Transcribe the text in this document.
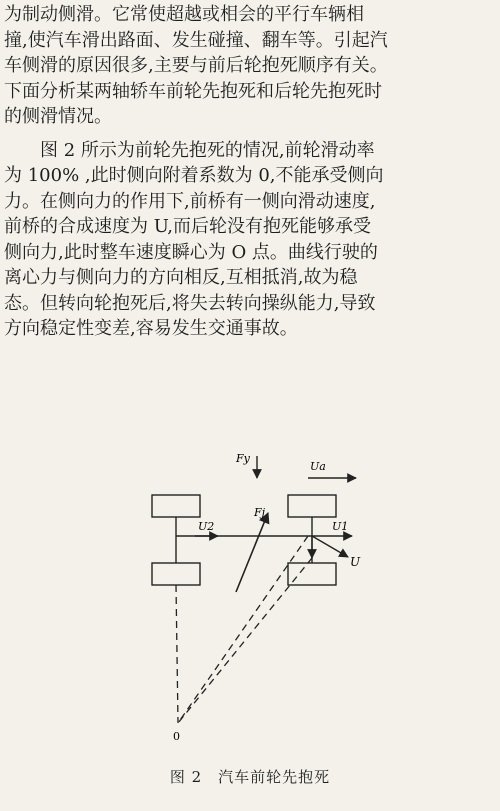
为制动侧滑。它常使超越或相会的平行车辆相
撞,使汽车滑出路面、发生碰撞、翻车等。引起汽
车侧滑的原因很多,主要与前后轮抱死顺序有关。
下面分析某两轴轿车前轮先抱死和后轮先抱死时
的侧滑情况。
图 2 所示为前轮先抱死的情况,前轮滑动率
为 100% ,此时侧向附着系数为 0,不能承受侧向
力。在侧向力的作用下,前桥有一侧向滑动速度,
前桥的合成速度为 U,而后轮没有抱死能够承受
侧向力,此时整车速度瞬心为 O 点。曲线行驶的
离心力与侧向力的方向相反,互相抵消,故为稳
态。但转向轮抱死后,将失去转向操纵能力,导致
方向稳定性变差,容易发生交通事故。
Fy
Ua
Fj
U2	U1
U
0
图 2　汽车前轮先抱死
